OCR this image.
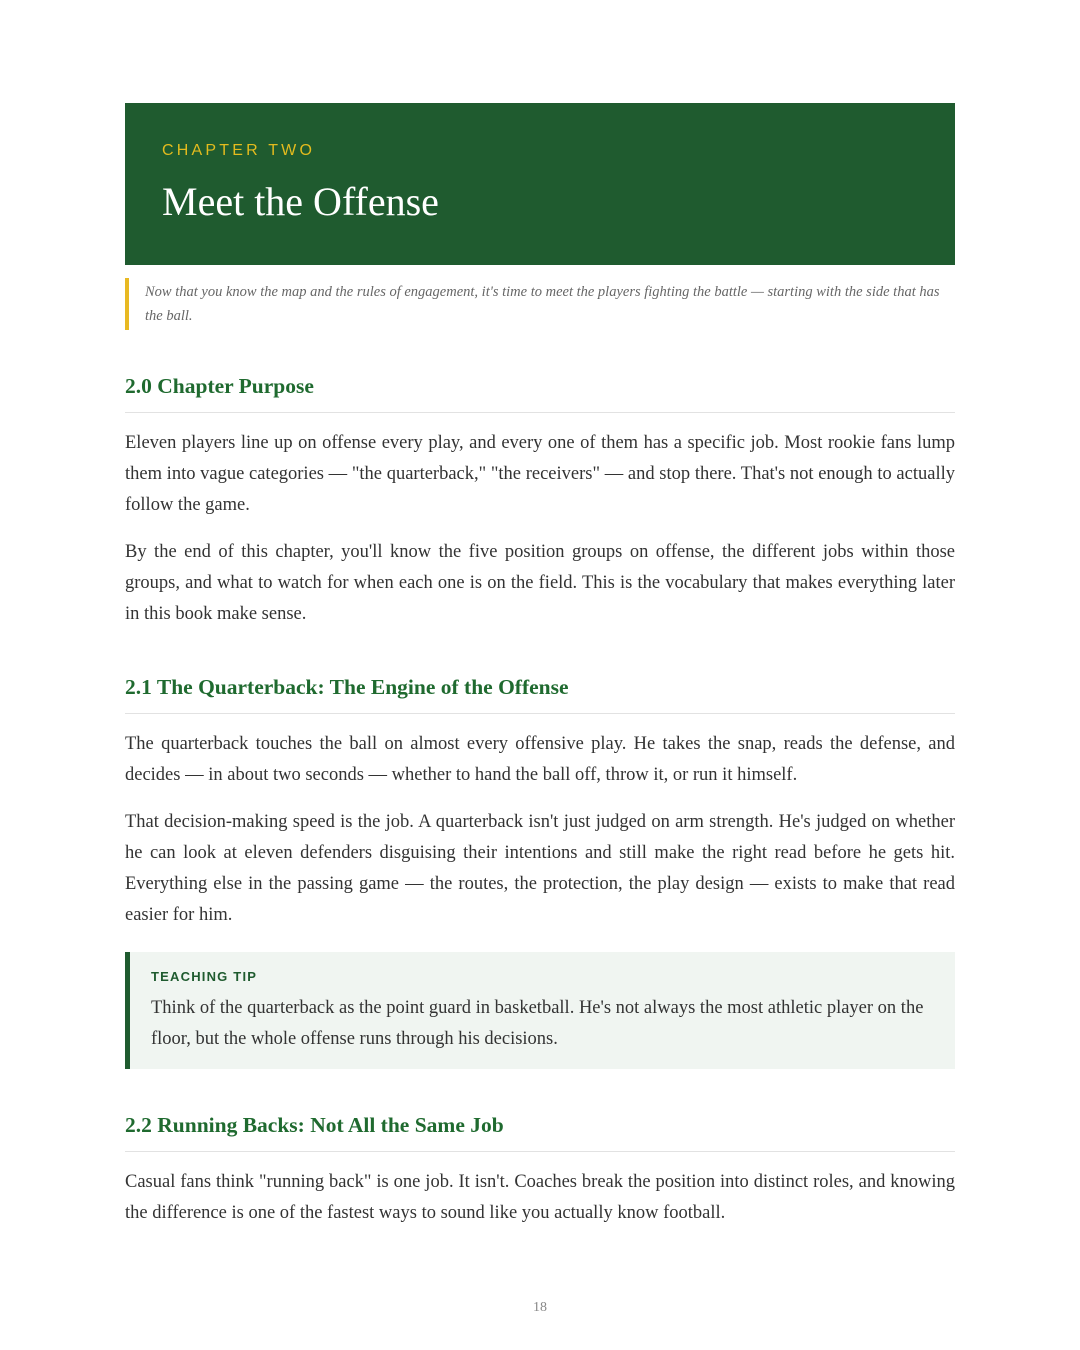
CHAPTER TWO

Meet the Offense
Now that you know the map and the rules of engagement, it's time to meet the players fighting the battle — starting with the side that has the ball.
2.0 Chapter Purpose

Eleven players line up on offense every play, and every one of them has a specific job. Most rookie fans lump them into vague categories — "the quarterback," "the receivers" — and stop there. That's not enough to actually follow the game.

By the end of this chapter, you'll know the five position groups on offense, the different jobs within those groups, and what to watch for when each one is on the field. This is the vocabulary that makes everything later in this book make sense.

2.1 The Quarterback: The Engine of the Offense

The quarterback touches the ball on almost every offensive play. He takes the snap, reads the defense, and decides — in about two seconds — whether to hand the ball off, throw it, or run it himself.

That decision-making speed is the job. A quarterback isn't just judged on arm strength. He's judged on whether he can look at eleven defenders disguising their intentions and still make the right read before he gets hit. Everything else in the passing game — the routes, the protection, the play design — exists to make that read easier for him.

TEACHING TIP

Think of the quarterback as the point guard in basketball. He's not always the most athletic player on the floor, but the whole offense runs through his decisions.

2.2 Running Backs: Not All the Same Job

Casual fans think "running back" is one job. It isn't. Coaches break the position into distinct roles, and knowing the difference is one of the fastest ways to sound like you actually know football.

18
